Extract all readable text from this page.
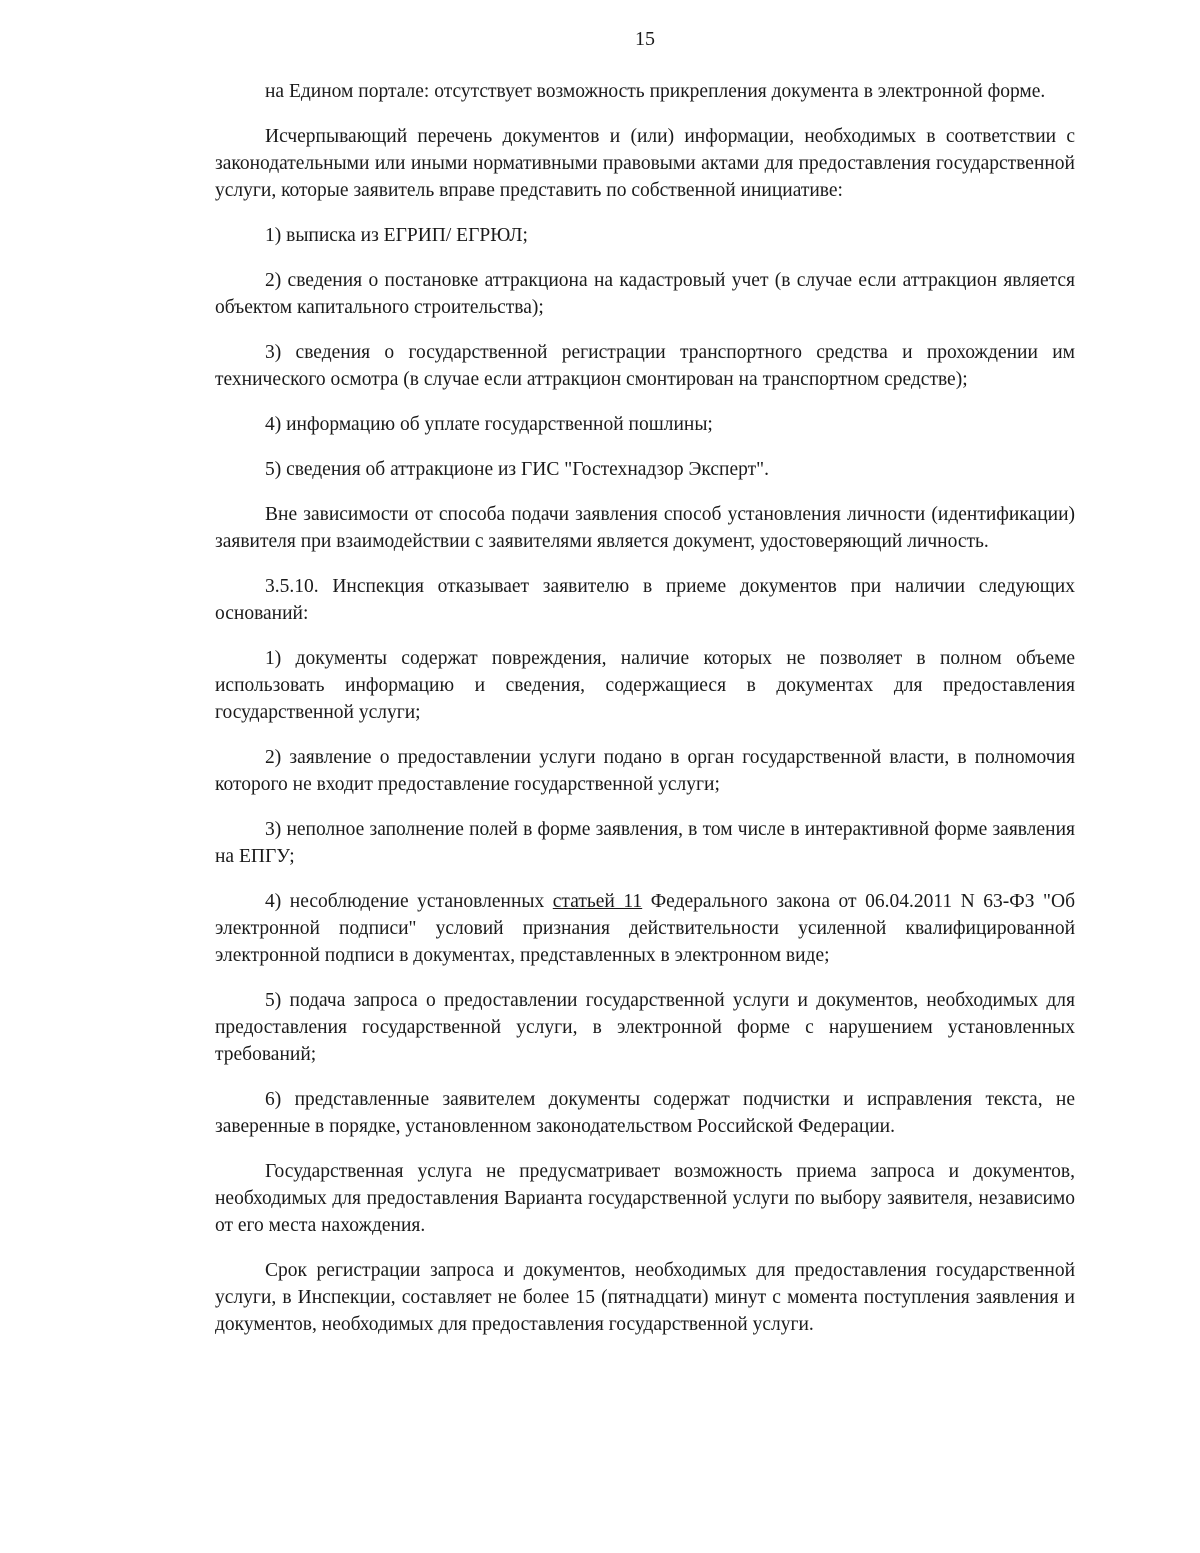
15

на Едином портале: отсутствует возможность прикрепления документа в электронной форме.

Исчерпывающий перечень документов и (или) информации, необходимых в соответствии с законодательными или иными нормативными правовыми актами для предоставления государственной услуги, которые заявитель вправе представить по собственной инициативе:

1) выписка из ЕГРИП/ ЕГРЮЛ;

2) сведения о постановке аттракциона на кадастровый учет (в случае если аттракцион является объектом капитального строительства);

3) сведения о государственной регистрации транспортного средства и прохождении им технического осмотра (в случае если аттракцион смонтирован на транспортном средстве);

4) информацию об уплате государственной пошлины;

5) сведения об аттракционе из ГИС "Гостехнадзор Эксперт".

Вне зависимости от способа подачи заявления способ установления личности (идентификации) заявителя при взаимодействии с заявителями является документ, удостоверяющий личность.

3.5.10. Инспекция отказывает заявителю в приеме документов при наличии следующих оснований:

1) документы содержат повреждения, наличие которых не позволяет в полном объеме использовать информацию и сведения, содержащиеся в документах для предоставления государственной услуги;

2) заявление о предоставлении услуги подано в орган государственной власти, в полномочия которого не входит предоставление государственной услуги;

3) неполное заполнение полей в форме заявления, в том числе в интерактивной форме заявления на ЕПГУ;

4) несоблюдение установленных статьей 11 Федерального закона от 06.04.2011 N 63-ФЗ "Об электронной подписи" условий признания действительности усиленной квалифицированной электронной подписи в документах, представленных в электронном виде;

5) подача запроса о предоставлении государственной услуги и документов, необходимых для предоставления государственной услуги, в электронной форме с нарушением установленных требований;

6) представленные заявителем документы содержат подчистки и исправления текста, не заверенные в порядке, установленном законодательством Российской Федерации.

Государственная услуга не предусматривает возможность приема запроса и документов, необходимых для предоставления Варианта государственной услуги по выбору заявителя, независимо от его места нахождения.

Срок регистрации запроса и документов, необходимых для предоставления государственной услуги, в Инспекции, составляет не более 15 (пятнадцати) минут с момента поступления заявления и документов, необходимых для предоставления государственной услуги.
